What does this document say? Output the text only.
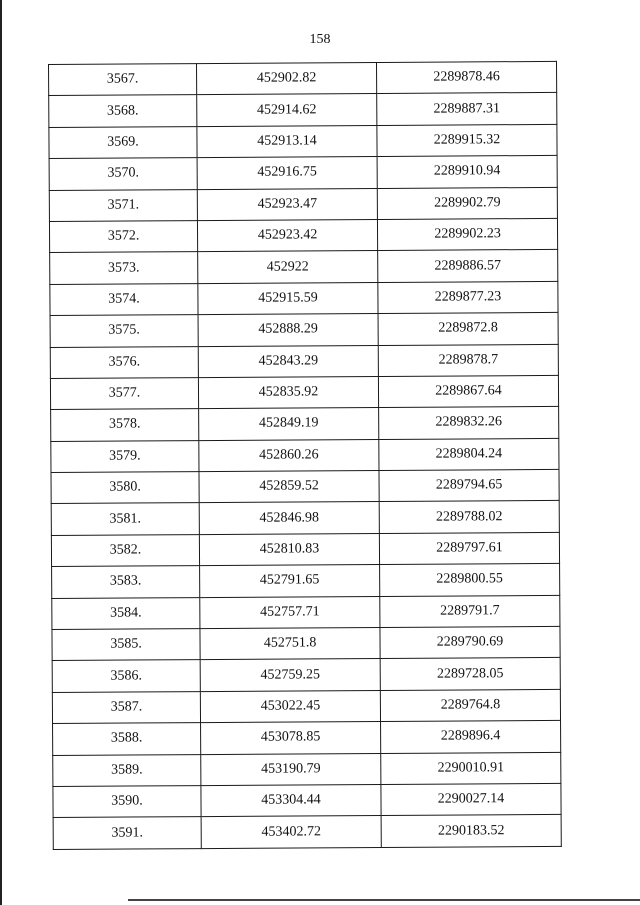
158
3567.	452902.82	2289878.46
3568.	452914.62	2289887.31
3569.	452913.14	2289915.32
3570.	452916.75	2289910.94
3571.	452923.47	2289902.79
3572.	452923.42	2289902.23
3573.	452922	2289886.57
3574.	452915.59	2289877.23
3575.	452888.29	2289872.8
3576.	452843.29	2289878.7
3577.	452835.92	2289867.64
3578.	452849.19	2289832.26
3579.	452860.26	2289804.24
3580.	452859.52	2289794.65
3581.	452846.98	2289788.02
3582.	452810.83	2289797.61
3583.	452791.65	2289800.55
3584.	452757.71	2289791.7
3585.	452751.8	2289790.69
3586.	452759.25	2289728.05
3587.	453022.45	2289764.8
3588.	453078.85	2289896.4
3589.	453190.79	2290010.91
3590.	453304.44	2290027.14
3591.	453402.72	2290183.52
